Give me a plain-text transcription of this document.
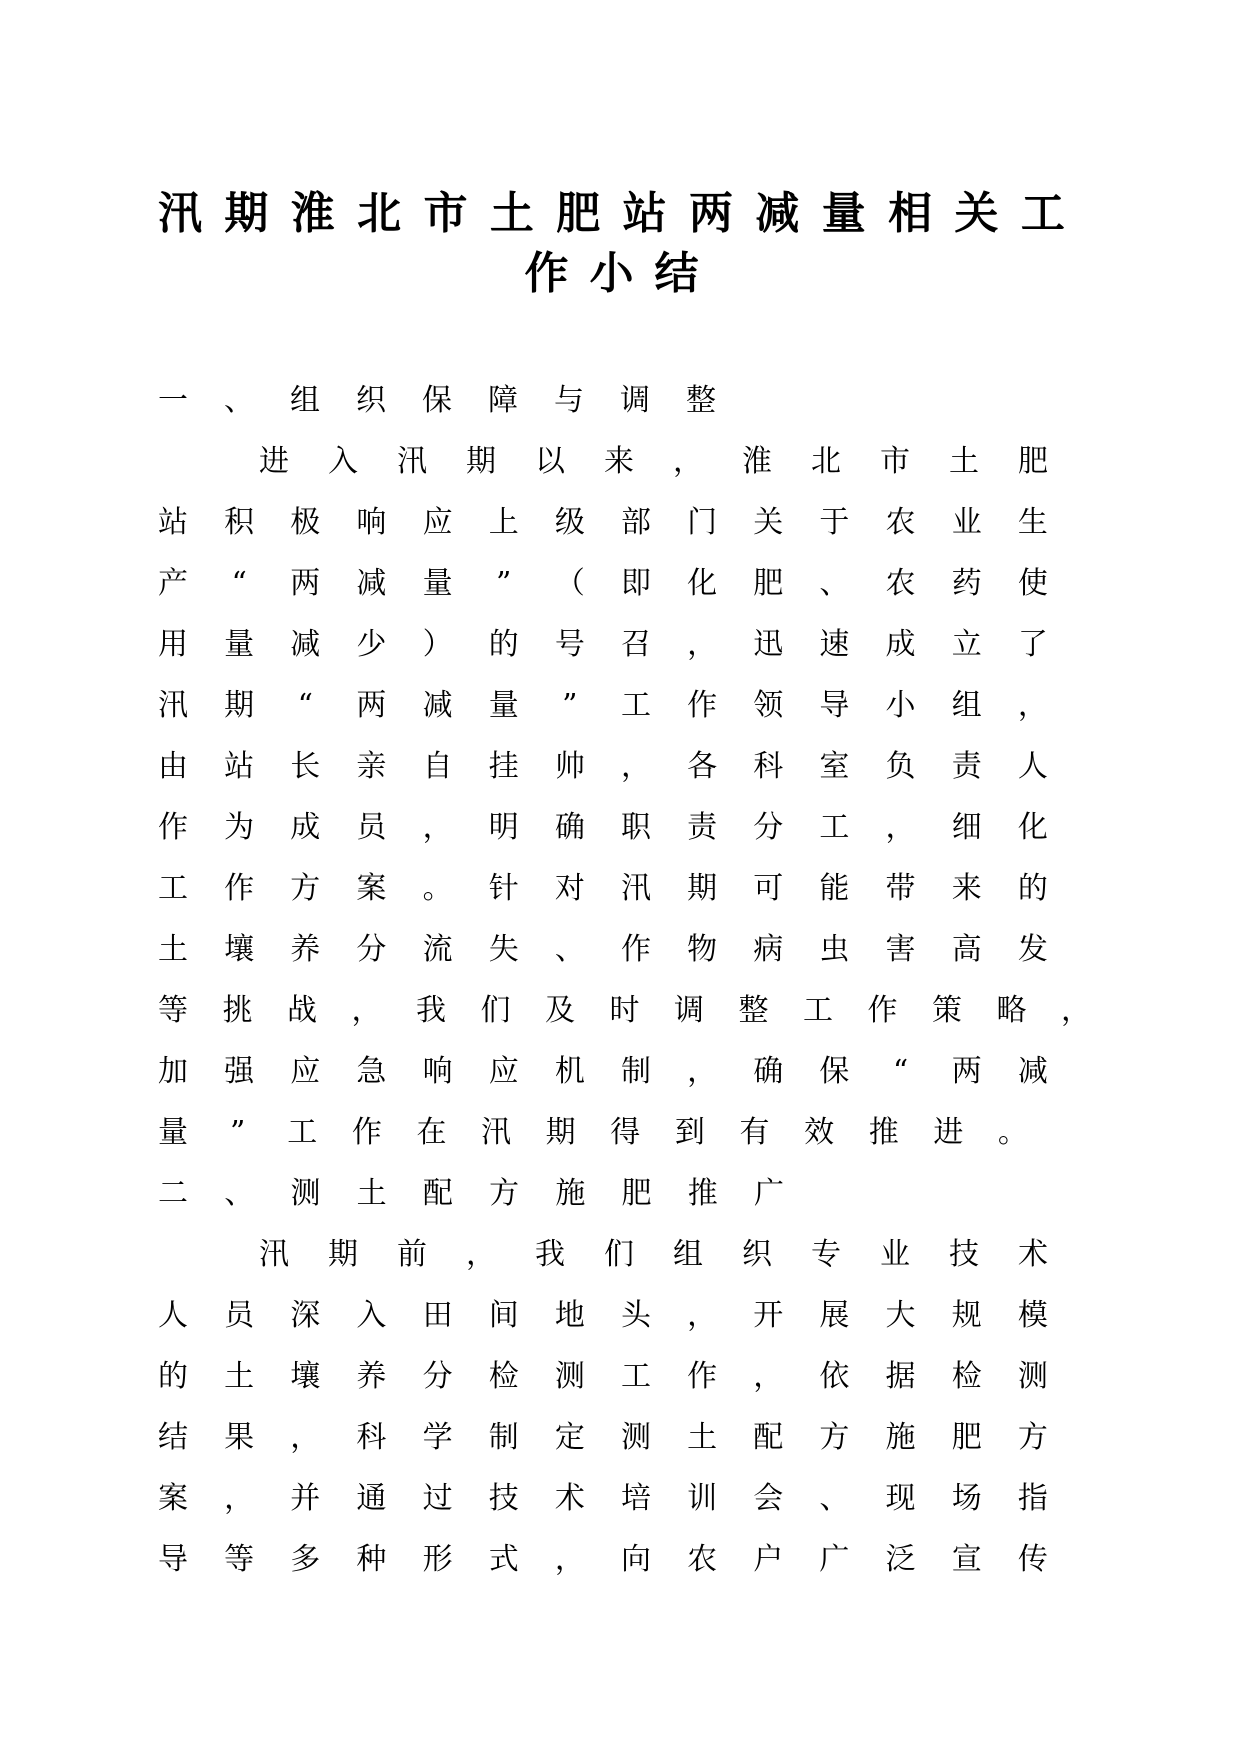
汛 期 淮 北 市 土 肥 站 两 减 量 相 关 工
作 小 结
一 、 组 织 保 障 与 调 整
进 入 汛 期 以 来 ， 淮 北 市 土 肥
站 积 极 响 应 上 级 部 门 关 于 农 业 生
产 “ 两 减 量 ” （ 即 化 肥 、 农 药 使
用 量 减 少 ） 的 号 召 ， 迅 速 成 立 了
汛 期 “ 两 减 量 ” 工 作 领 导 小 组 ，
由 站 长 亲 自 挂 帅 ， 各 科 室 负 责 人
作 为 成 员 ， 明 确 职 责 分 工 ， 细 化
工 作 方 案 。 针 对 汛 期 可 能 带 来 的
土 壤 养 分 流 失 、 作 物 病 虫 害 高 发
等 挑 战 ， 我 们 及 时 调 整 工 作 策 略 ，
加 强 应 急 响 应 机 制 ， 确 保 “ 两 减
量 ” 工 作 在 汛 期 得 到 有 效 推 进 。
二 、 测 土 配 方 施 肥 推 广
汛 期 前 ， 我 们 组 织 专 业 技 术
人 员 深 入 田 间 地 头 ， 开 展 大 规 模
的 土 壤 养 分 检 测 工 作 ， 依 据 检 测
结 果 ， 科 学 制 定 测 土 配 方 施 肥 方
案 ， 并 通 过 技 术 培 训 会 、 现 场 指
导 等 多 种 形 式 ， 向 农 户 广 泛 宣 传
